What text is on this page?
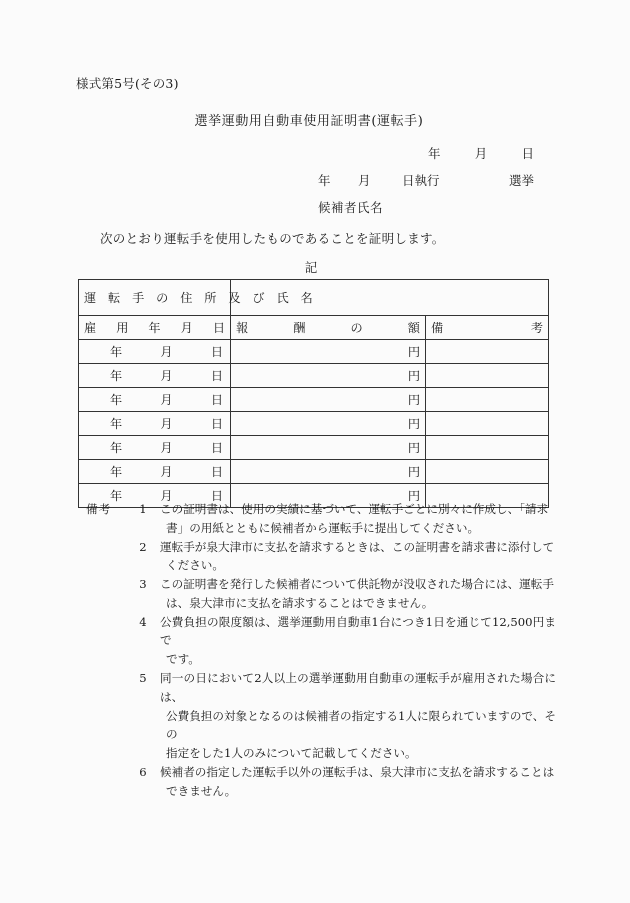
様式第5号(その3)
選挙運動用自動車使用証明書(運転手)
年	月	日
年	月	日執行	選挙
候補者氏名
次のとおり運転手を使用したものであることを証明します。
記
運 転 手 の 住 所 及 び 氏 名		

雇 用 年 月 日	報 酬 の 額	備 考

年 月 日	円	

年 月 日	円	

年 月 日	円	

年 月 日	円	

年 月 日	円	

年 月 日	円	

年 月 日	円	
備考	1	この証明書は、使用の実績に基づいて、運転手ごとに別々に作成し、「請求

書」の用紙とともに候補者から運転手に提出してください。

2	運転手が泉大津市に支払を請求するときは、この証明書を請求書に添付して

ください。

3	この証明書を発行した候補者について供託物が没収された場合には、運転手

は、泉大津市に支払を請求することはできません。

4	公費負担の限度額は、選挙運動用自動車1台につき1日を通じて12,500円まで

です。

5	同一の日において2人以上の選挙運動用自動車の運転手が雇用された場合には、

公費負担の対象となるのは候補者の指定する1人に限られていますので、その

指定をした1人のみについて記載してください。

6	候補者の指定した運転手以外の運転手は、泉大津市に支払を請求することは

できません。
